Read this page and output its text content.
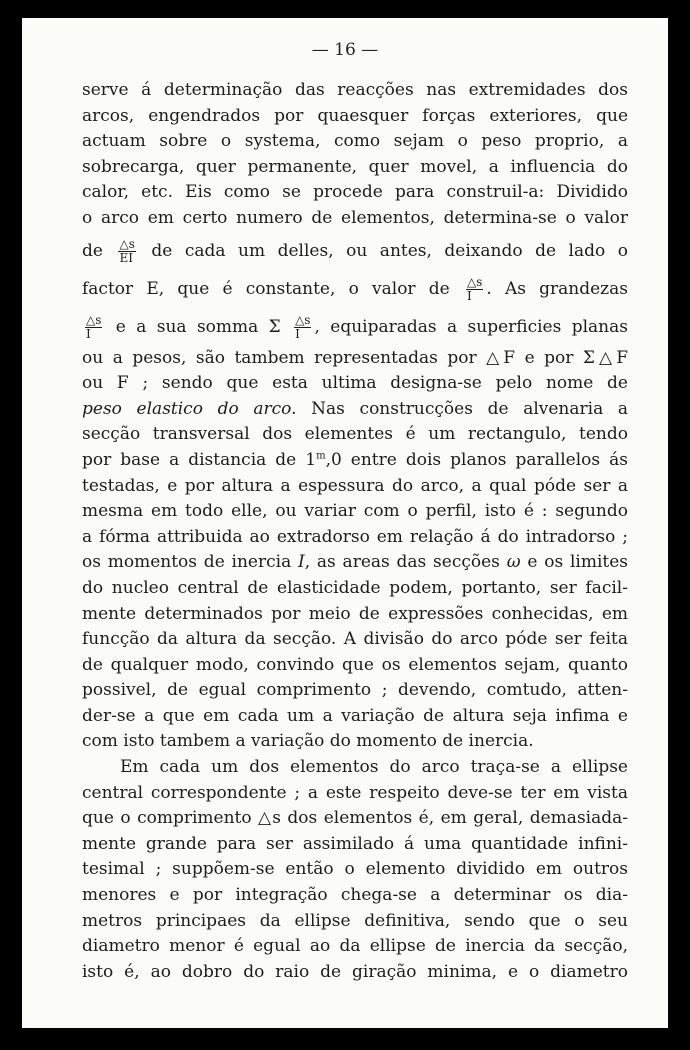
— 16 —
serve á determinação das reacções nas extremidades dos
arcos, engendrados por quaesquer forças exteriores, que
actuam sobre o systema, como sejam o peso proprio, a
sobrecarga, quer permanente, quer movel, a influencia do
calor, etc. Eis como se procede para construil-a: Dividido
o arco em certo numero de elementos, determina-se o valor
de $\frac{\triangle s}{EI}$ de cada um delles, ou antes, deixando de lado o
factor E, que é constante, o valor de $\frac{\triangle s}{I}$ . As grandezas
$\frac{\triangle s}{I}$ e a sua somma Σ $\frac{\triangle s}{I}$ , equiparadas a superficies planas
ou a pesos, são tambem representadas por △F e por Σ△F
ou F ; sendo que esta ultima designa-se pelo nome de
peso elastico do arco. Nas construcções de alvenaria a
secção transversal dos elementes é um rectangulo, tendo
por base a distancia de 1$^m$,0 entre dois planos parallelos ás
testadas, e por altura a espessura do arco, a qual póde ser a
mesma em todo elle, ou variar com o perfil, isto é : segundo
a fórma attribuida ao extradorso em relação á do intradorso ;
os momentos de inercia I, as areas das secções ω e os limites
do nucleo central de elasticidade podem, portanto, ser facil-
mente determinados por meio de expressões conhecidas, em
funcção da altura da secção. A divisão do arco póde ser feita
de qualquer modo, convindo que os elementos sejam, quanto
possivel, de egual comprimento ; devendo, comtudo, atten-
der-se a que em cada um a variação de altura seja infima e
com isto tambem a variação do momento de inercia.
Em cada um dos elementos do arco traça-se a ellipse
central correspondente ; a este respeito deve-se ter em vista
que o comprimento △s dos elementos é, em geral, demasiada-
mente grande para ser assimilado á uma quantidade infini-
tesimal ; suppõem-se então o elemento dividido em outros
menores e por integração chega-se a determinar os dia-
metros principaes da ellipse definitiva, sendo que o seu
diametro menor é egual ao da ellipse de inercia da secção,
isto é, ao dobro do raio de giração minima, e o diametro
